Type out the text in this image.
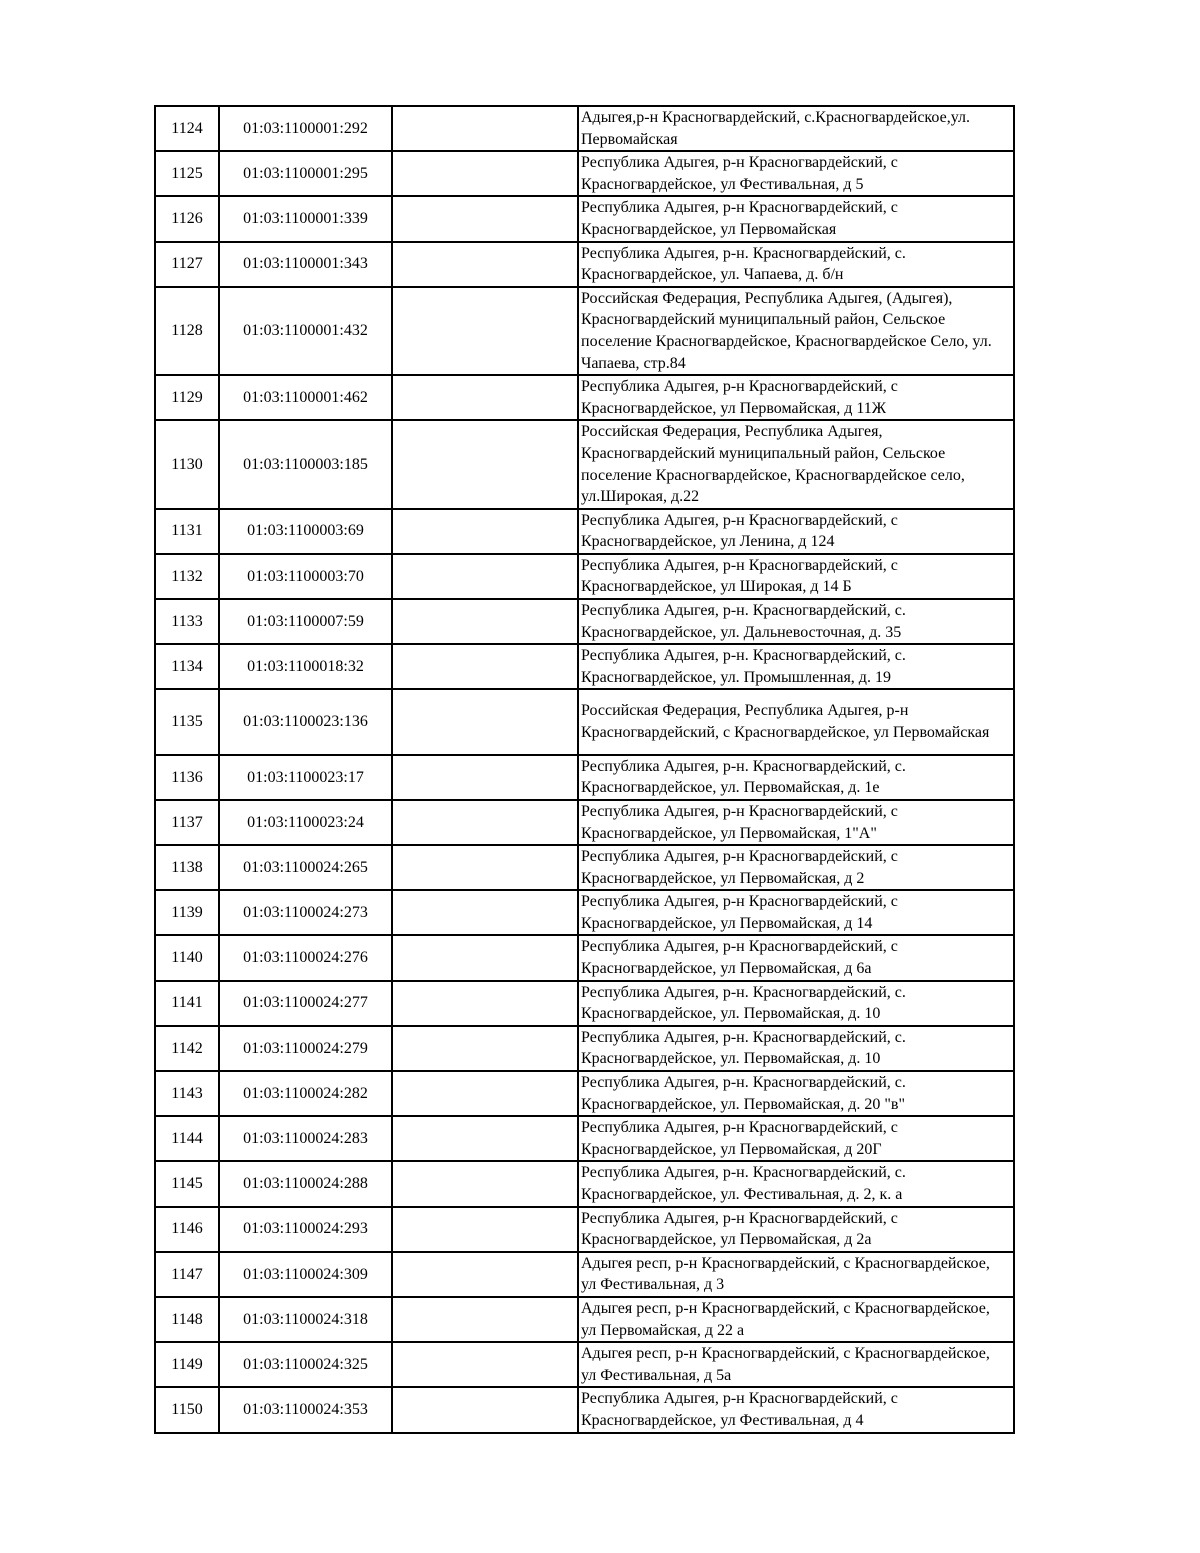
1124	01:03:1100001:292		Адыгея,р-н Красногвардейский, с.Красногвардейское,ул. Первомайская
1125	01:03:1100001:295		Республика Адыгея, р-н Красногвардейский, с Красногвардейское, ул Фестивальная, д 5
1126	01:03:1100001:339		Республика Адыгея, р-н Красногвардейский, с Красногвардейское, ул Первомайская
1127	01:03:1100001:343		Республика Адыгея, р-н. Красногвардейский, с. Красногвардейское, ул. Чапаева, д. б/н
1128	01:03:1100001:432		Российская Федерация, Республика Адыгея, (Адыгея), Красногвардейский муниципальный район, Сельское поселение Красногвардейское, Красногвардейское Село, ул. Чапаева, стр.84
1129	01:03:1100001:462		Республика Адыгея, р-н Красногвардейский, с Красногвардейское, ул Первомайская, д 11Ж
1130	01:03:1100003:185		Российская Федерация, Республика Адыгея, Красногвардейский муниципальный район, Сельское поселение Красногвардейское, Красногвардейское село, ул.Широкая, д.22
1131	01:03:1100003:69		Республика Адыгея, р-н Красногвардейский, с Красногвардейское, ул Ленина, д 124
1132	01:03:1100003:70		Республика Адыгея, р-н Красногвардейский, с Красногвардейское, ул Широкая, д 14 Б
1133	01:03:1100007:59		Республика Адыгея, р-н. Красногвардейский, с. Красногвардейское, ул. Дальневосточная, д. 35
1134	01:03:1100018:32		Республика Адыгея, р-н. Красногвардейский, с. Красногвардейское, ул. Промышленная, д. 19
1135	01:03:1100023:136		Российская Федерация, Республика Адыгея, р-н Красногвардейский, с Красногвардейское, ул Первомайская
1136	01:03:1100023:17		Республика Адыгея, р-н. Красногвардейский, с. Красногвардейское, ул. Первомайская, д. 1е
1137	01:03:1100023:24		Республика Адыгея, р-н Красногвардейский, с Красногвардейское, ул Первомайская, 1"А"
1138	01:03:1100024:265		Республика Адыгея, р-н Красногвардейский, с Красногвардейское, ул Первомайская, д 2
1139	01:03:1100024:273		Республика Адыгея, р-н Красногвардейский, с Красногвардейское, ул Первомайская, д 14
1140	01:03:1100024:276		Республика Адыгея, р-н Красногвардейский, с Красногвардейское, ул Первомайская, д 6а
1141	01:03:1100024:277		Республика Адыгея, р-н. Красногвардейский, с. Красногвардейское, ул. Первомайская, д. 10
1142	01:03:1100024:279		Республика Адыгея, р-н. Красногвардейский, с. Красногвардейское, ул. Первомайская, д. 10
1143	01:03:1100024:282		Республика Адыгея, р-н. Красногвардейский, с. Красногвардейское, ул. Первомайская, д. 20 "в"
1144	01:03:1100024:283		Республика Адыгея, р-н Красногвардейский, с Красногвардейское, ул Первомайская, д 20Г
1145	01:03:1100024:288		Республика Адыгея, р-н. Красногвардейский, с. Красногвардейское, ул. Фестивальная, д. 2, к. а
1146	01:03:1100024:293		Республика Адыгея, р-н Красногвардейский, с Красногвардейское, ул Первомайская, д 2а
1147	01:03:1100024:309		Адыгея респ, р-н Красногвардейский, с Красногвардейское, ул Фестивальная, д 3
1148	01:03:1100024:318		Адыгея респ, р-н Красногвардейский, с Красногвардейское, ул Первомайская, д 22 а
1149	01:03:1100024:325		Адыгея респ, р-н Красногвардейский, с Красногвардейское, ул Фестивальная, д 5а
1150	01:03:1100024:353		Республика Адыгея, р-н Красногвардейский, с Красногвардейское, ул Фестивальная, д 4
